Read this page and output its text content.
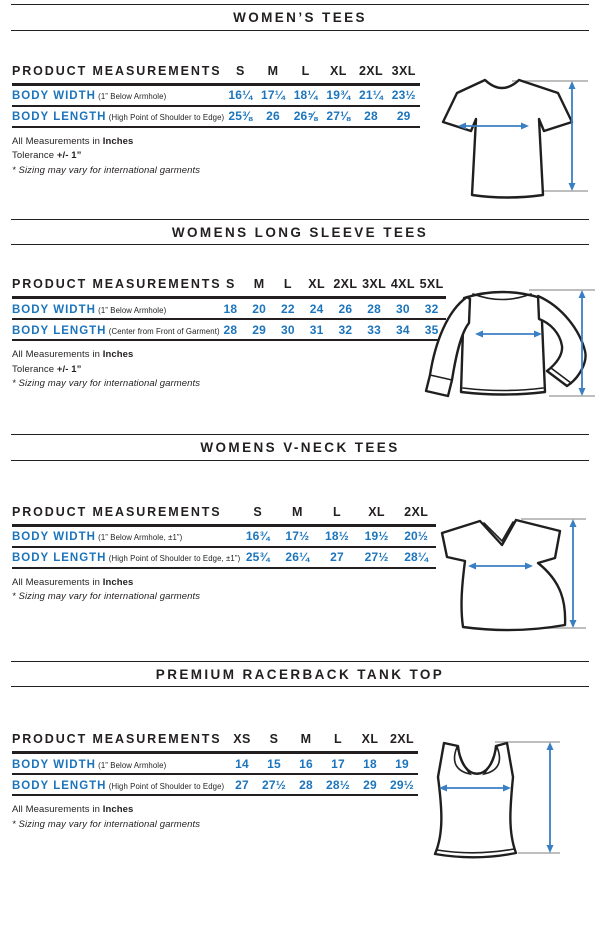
WOMEN’S TEES
PRODUCT MEASUREMENTS	S	M	L	XL 2XL 3XL
BODY WIDTH (1” Below Armhole)	16¼ 17¼ 18¼ 19¾ 21¼ 23½
BODY LENGTH (High Point of Shoulder to Edge) 25⅜	26	26⅝ 27⅛	28	29
All Measurements in Inches
Tolerance +/- 1”
* Sizing may vary for international garments
WOMENS LONG SLEEVE TEES
PRODUCT MEASUREMENTS S	M	L	XL 2XL 3XL 4XL 5XL
BODY WIDTH (1” Below Armhole)	18	20	22	24	26	28	30	32
BODY LENGTH (Center from Front of Garment) 28	29	30	31	32	33	34	35
All Measurements in Inches
Tolerance +/- 1”
* Sizing may vary for international garments
WOMENS V-NECK TEES
PRODUCT MEASUREMENTS	S	M	L	XL	2XL
BODY WIDTH (1” Below Armhole, ±1”)	16¾	17½	18½	19½	20½
BODY LENGTH (High Point of Shoulder to Edge, ±1”) 25¾	26¼	27	27½	28¼
All Measurements in Inches
* Sizing may vary for international garments
PREMIUM RACERBACK TANK TOP
PRODUCT MEASUREMENTS XS	S	M	L	XL 2XL
BODY WIDTH (1” Below Armhole)	14	15	16	17	18	19
BODY LENGTH (High Point of Shoulder to Edge) 27	27½	28	28½	29	29½
All Measurements in Inches
* Sizing may vary for international garments
